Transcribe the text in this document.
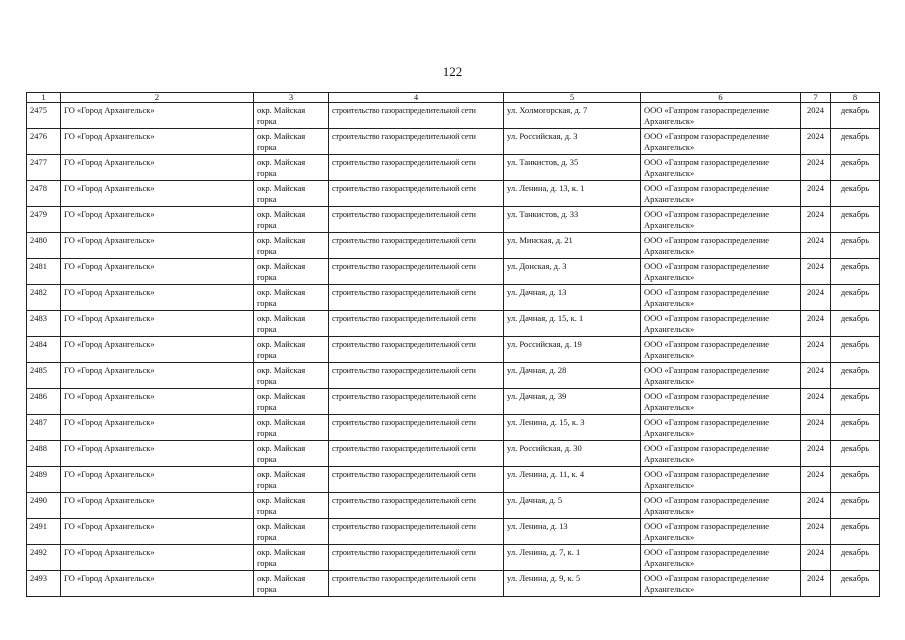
122
1	2	3	4	5	6	7	8
2475	ГО «Город Архангельск»	окр. Майская горка	строительство газораспределительной сети	ул. Холмогорская, д. 7	ООО «Газпром газораспределение Архангельск»	2024	декабрь
2476	ГО «Город Архангельск»	окр. Майская горка	строительство газораспределительной сети	ул. Российская, д. 3	ООО «Газпром газораспределение Архангельск»	2024	декабрь
2477	ГО «Город Архангельск»	окр. Майская горка	строительство газораспределительной сети	ул. Танкистов, д. 35	ООО «Газпром газораспределение Архангельск»	2024	декабрь
2478	ГО «Город Архангельск»	окр. Майская горка	строительство газораспределительной сети	ул. Ленина, д. 13, к. 1	ООО «Газпром газораспределение Архангельск»	2024	декабрь
2479	ГО «Город Архангельск»	окр. Майская горка	строительство газораспределительной сети	ул. Танкистов, д. 33	ООО «Газпром газораспределение Архангельск»	2024	декабрь
2480	ГО «Город Архангельск»	окр. Майская горка	строительство газораспределительной сети	ул. Минская, д. 21	ООО «Газпром газораспределение Архангельск»	2024	декабрь
2481	ГО «Город Архангельск»	окр. Майская горка	строительство газораспределительной сети	ул. Донская, д. 3	ООО «Газпром газораспределение Архангельск»	2024	декабрь
2482	ГО «Город Архангельск»	окр. Майская горка	строительство газораспределительной сети	ул. Дачная, д. 13	ООО «Газпром газораспределение Архангельск»	2024	декабрь
2483	ГО «Город Архангельск»	окр. Майская горка	строительство газораспределительной сети	ул. Дачная, д. 15, к. 1	ООО «Газпром газораспределение Архангельск»	2024	декабрь
2484	ГО «Город Архангельск»	окр. Майская горка	строительство газораспределительной сети	ул. Российская, д. 19	ООО «Газпром газораспределение Архангельск»	2024	декабрь
2485	ГО «Город Архангельск»	окр. Майская горка	строительство газораспределительной сети	ул. Дачная, д. 28	ООО «Газпром газораспределение Архангельск»	2024	декабрь
2486	ГО «Город Архангельск»	окр. Майская горка	строительство газораспределительной сети	ул. Дачная, д. 39	ООО «Газпром газораспределение Архангельск»	2024	декабрь
2487	ГО «Город Архангельск»	окр. Майская горка	строительство газораспределительной сети	ул. Ленина, д. 15, к. 3	ООО «Газпром газораспределение Архангельск»	2024	декабрь
2488	ГО «Город Архангельск»	окр. Майская горка	строительство газораспределительной сети	ул. Российская, д. 30	ООО «Газпром газораспределение Архангельск»	2024	декабрь
2489	ГО «Город Архангельск»	окр. Майская горка	строительство газораспределительной сети	ул. Ленина, д. 11, к. 4	ООО «Газпром газораспределение Архангельск»	2024	декабрь
2490	ГО «Город Архангельск»	окр. Майская горка	строительство газораспределительной сети	ул. Дачная, д. 5	ООО «Газпром газораспределение Архангельск»	2024	декабрь
2491	ГО «Город Архангельск»	окр. Майская горка	строительство газораспределительной сети	ул. Ленина, д. 13	ООО «Газпром газораспределение Архангельск»	2024	декабрь
2492	ГО «Город Архангельск»	окр. Майская горка	строительство газораспределительной сети	ул. Ленина, д. 7, к. 1	ООО «Газпром газораспределение Архангельск»	2024	декабрь
2493	ГО «Город Архангельск»	окр. Майская горка	строительство газораспределительной сети	ул. Ленина, д. 9, к. 5	ООО «Газпром газораспределение Архангельск»	2024	декабрь
